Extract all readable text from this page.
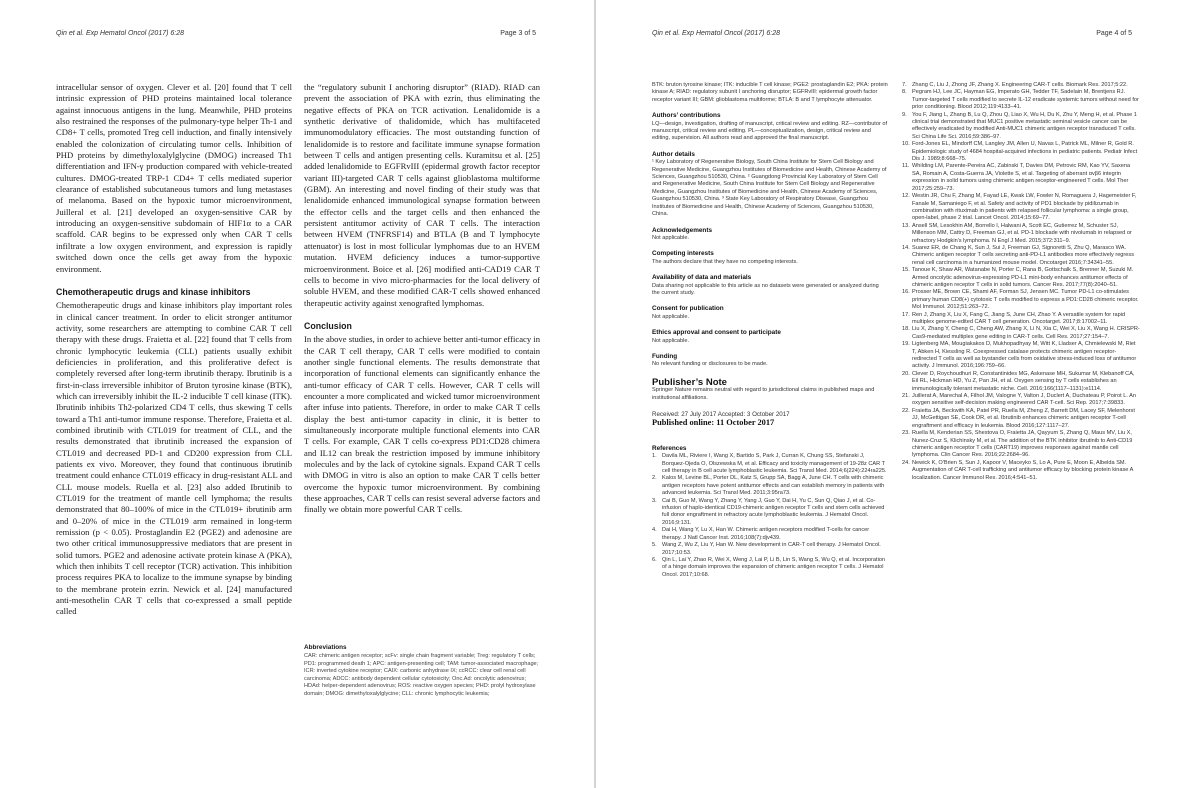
Qin et al. Exp Hematol Oncol (2017) 6:28	Page 3 of 5

intracellular sensor of oxygen. Clever et al. [20] found that T cell intrinsic expression of PHD proteins maintained local tolerance against innocuous antigens in the lung. Meanwhile, PHD proteins also restrained the responses of the pulmonary-type helper Th-1 and CD8+ T cells, promoted Treg cell induction, and finally intensively enabled the colonization of circulating tumor cells. Inhibition of PHD proteins by dimethyloxalylglycine (DMOG) increased Th1 differentiation and IFN-γ production compared with vehicle-treated cultures. DMOG-treated TRP-1 CD4+ T cells mediated superior clearance of established subcutaneous tumors and lung metastases of melanoma. Based on the hypoxic tumor microenvironment, Juilleral et al. [21] developed an oxygen-sensitive CAR by introducing an oxygen-sensitive subdomain of HIF1α to a CAR scaffold. CAR begins to be expressed only when CAR T cells infiltrate a low oxygen environment, and expression is rapidly switched down once the cells get away from the hypoxic environment.

Chemotherapeutic drugs and kinase inhibitors

Chemotherapeutic drugs and kinase inhibitors play important roles in clinical cancer treatment. In order to elicit stronger antitumor activity, some researchers are attempting to combine CAR T cell therapy with these drugs. Fraietta et al. [22] found that T cells from chronic lymphocytic leukemia (CLL) patients usually exhibit deficiencies in proliferation, and this proliferative defect is completely reversed after long-term ibrutinib therapy. Ibrutinib is a first-in-class irreversible inhibitor of Bruton tyrosine kinase (BTK), which can irreversibly inhibit the IL-2 inducible T cell kinase (ITK). Ibrutinib inhibits Th2-polarized CD4 T cells, thus skewing T cells toward a Th1 anti-tumor immune response. Therefore, Fraietta et al. combined ibrutinib with CTL019 for treatment of CLL, and the results demonstrated that ibrutinib increased the expansion of CTL019 and decreased PD-1 and CD200 expression from CLL patients ex vivo. Moreover, they found that continuous ibrutinib treatment could enhance CTL019 efficacy in drug-resistant ALL and CLL mouse models. Ruella et al. [23] also added Ibrutinib to CTL019 for the treatment of mantle cell lymphoma; the results demonstrated that 80–100% of mice in the CTL019+ ibrutinib arm and 0–20% of mice in the CTL019 arm remained in long-term remission (p < 0.05). Prostaglandin E2 (PGE2) and adenosine are two other critical immunosuppressive mediators that are present in solid tumors. PGE2 and adenosine activate protein kinase A (PKA), which then inhibits T cell receptor (TCR) activation. This inhibition process requires PKA to localize to the immune synapse by binding to the membrane protein ezrin. Newick et al. [24] manufactured anti-mesothelin CAR T cells that co-expressed a small peptide called

the “regulatory subunit I anchoring disruptor” (RIAD). RIAD can prevent the association of PKA with ezrin, thus eliminating the negative effects of PKA on TCR activation. Lenalidomide is a synthetic derivative of thalidomide, which has multifaceted immunomodulatory efficacies. The most outstanding function of lenalidomide is to restore and facilitate immune synapse formation between T cells and antigen presenting cells. Kuramitsu et al. [25] added lenalidomide to EGFRvIII (epidermal growth factor receptor variant III)-targeted CAR T cells against glioblastoma multiforme (GBM). An interesting and novel finding of their study was that lenalidomide enhanced immunological synapse formation between the effector cells and the target cells and then enhanced the persistent antitumor activity of CAR T cells. The interaction between HVEM (TNFRSF14) and BTLA (B and T lymphocyte attenuator) is lost in most follicular lymphomas due to an HVEM mutation. HVEM deficiency induces a tumor-supportive microenvironment. Boice et al. [26] modified anti-CAD19 CAR T cells to become in vivo micro-pharmacies for the local delivery of soluble HVEM, and these modified CAR-T cells showed enhanced therapeutic activity against xenografted lymphomas.

Conclusion

In the above studies, in order to achieve better anti-tumor efficacy in the CAR T cell therapy, CAR T cells were modified to contain another single functional elements. The results demonstrate that incorporation of functional elements can significantly enhance the anti-tumor efficacy of CAR T cells. However, CAR T cells will encounter a more complicated and wicked tumor microenvironment after infuse into patients. Therefore, in order to make CAR T cells display the best anti-tumor capacity in clinic, it is better to simultaneously incorporate multiple functional elements into CAR T cells. For example, CAR T cells co-express PD1:CD28 chimera and IL12 can break the restriction imposed by immune inhibitory molecules and by the lack of cytokine signals. Expand CAR T cells with DMOG in vitro is also an option to make CAR T cells better overcome the hypoxic tumor microenvironment. By combining these approaches, CAR T cells can resist several adverse factors and finally we obtain more powerful CAR T cells.

Abbreviations
CAR: chimeric antigen receptor; scFv: single chain fragment variable; Treg: regulatory T cells; PD1: programmed death 1; APC: antigen-presenting cell; TAM: tumor-associated macrophage; ICR: inverted cytokine receptor; CAIX: carbonic anhydrase IX; ccRCC: clear cell renal cell carcinoma; ADCC: antibody dependent cellular cytotoxicity; Onc.Ad: oncolytic adenovirus; HDAd: helper-dependent adenovirus; ROS: reactive oxygen species; PHD: prolyl hydroxylase domain; DMOG: dimethyloxalylglycine; CLL: chronic lymphocytic leukemia;
Qin et al. Exp Hematol Oncol (2017) 6:28	Page 4 of 5
BTK: bruton tyrosine kinase; ITK: inducible T cell kinase; PGE2: prostaglandin E2; PKA: protein kinase A; RIAD: regulatory subunit I anchoring disruptor; EGFRvIII: epidermal growth factor receptor variant III; GBM: glioblastoma multiforme; BTLA: B and T lymphocyte attenuator.
Authors’ contributions
LQ—design, investigation, drafting of manuscript, critical review and editing. RZ—contributor of manuscript, critical review and editing. PL—conceptualization, design, critical review and editing, supervision. All authors read and approved the final manuscript.
Author details
¹ Key Laboratory of Regenerative Biology, South China Institute for Stem Cell Biology and Regenerative Medicine, Guangzhou Institutes of Biomedicine and Health, Chinese Academy of Sciences, Guangzhou 510530, China. ² Guangdong Provincial Key Laboratory of Stem Cell and Regenerative Medicine, South China Institute for Stem Cell Biology and Regenerative Medicine, Guangzhou Institutes of Biomedicine and Health, Chinese Academy of Sciences, Guangzhou 510530, China. ³ State Key Laboratory of Respiratory Disease, Guangzhou Institutes of Biomedicine and Health, Chinese Academy of Sciences, Guangzhou 510530, China.
Acknowledgements
Not applicable.
Competing interests
The authors declare that they have no competing interests.
Availability of data and materials
Data sharing not applicable to this article as no datasets were generated or analyzed during the current study.
Consent for publication
Not applicable.
Ethics approval and consent to participate
Not applicable.
Funding
No relevant funding or disclosures to be made.
Publisher’s Note
Springer Nature remains neutral with regard to jurisdictional claims in published maps and institutional affiliations.
Received: 27 July 2017 Accepted: 3 October 2017
Published online: 11 October 2017
References
1. Davila ML, Riviere I, Wang X, Bartido S, Park J, Curran K, Chung SS, Stefanski J, Borquez-Ojeda O, Olszewska M, et al. Efficacy and toxicity management of 19-28z CAR T cell therapy in B cell acute lymphoblastic leukemia. Sci Transl Med. 2014;6(224):224ra225.
2. Kalos M, Levine BL, Porter DL, Katz S, Grupp SA, Bagg A, June CH. T cells with chimeric antigen receptors have potent antitumor effects and can establish memory in patients with advanced leukemia. Sci Transl Med. 2011;3:95ra73.
3. Cai B, Guo M, Wang Y, Zhang Y, Yang J, Guo Y, Dai H, Yu C, Sun Q, Qiao J, et al. Co-infusion of haplo-identical CD19-chimeric antigen receptor T cells and stem cells achieved full donor engraftment in refractory acute lymphoblastic leukemia. J Hematol Oncol. 2016;9:131.
4. Dai H, Wang Y, Lu X, Han W. Chimeric antigen receptors modified T-cells for cancer therapy. J Natl Cancer Inst. 2016;108(7):djv439.
5. Wang Z, Wu Z, Liu Y, Han W. New development in CAR-T cell therapy. J Hematol Oncol. 2017;10:53.
6. Qin L, Lai Y, Zhao R, Wei X, Weng J, Lai P, Li B, Lin S, Wang S, Wu Q, et al. Incorporation of a hinge domain improves the expansion of chimeric antigen receptor T cells. J Hematol Oncol. 2017;10:68.
7. Zhang C, Liu J, Zhong JF, Zhang X. Engineering CAR-T cells. Biomark Res. 2017;5:22.
8. Pegram HJ, Lee JC, Hayman EG, Imperato GH, Tedder TF, Sadelain M, Brentjens RJ. Tumor-targeted T cells modified to secrete IL-12 eradicate systemic tumors without need for prior conditioning. Blood 2012;119:4133–41.
9. You F, Jiang L, Zhang B, Lu Q, Zhou Q, Liao X, Wu H, Du K, Zhu Y, Meng H, et al. Phase 1 clinical trial demonstrated that MUC1 positive metastatic seminal vesicle cancer can be effectively eradicated by modified Anti-MUC1 chimeric antigen receptor transduced T cells. Sci China Life Sci. 2016;59:386–97.
10. Ford-Jones EL, Mindorff CM, Langley JM, Allen U, Navas L, Patrick ML, Milner R, Gold R. Epidemiologic study of 4684 hospital-acquired infections in pediatric patients. Pediatr Infect Dis J. 1989;8:668–75.
11. Whilding LM, Parente-Pereira AC, Zabinski T, Davies DM, Petrovic RM, Kao YV, Saxena SA, Romain A, Costa-Guerra JA, Violette S, et al. Targeting of aberrant αvβ6 integrin expression in solid tumors using chimeric antigen receptor-engineered T cells. Mol Ther 2017;25:259–73.
12. Westin JR, Chu F, Zhang M, Fayad LE, Kwak LW, Fowler N, Romaguera J, Hagemeister F, Fanale M, Samaniego F, et al. Safety and activity of PD1 blockade by pidilizumab in combination with rituximab in patients with relapsed follicular lymphoma: a single group, open-label, phase 2 trial. Lancet Oncol. 2014;15:69–77.
13. Ansell SM, Lesokhin AM, Borrello I, Halwani A, Scott EC, Gutierrez M, Schuster SJ, Millenson MM, Cattry D, Freeman GJ, et al. PD-1 blockade with nivolumab in relapsed or refractory Hodgkin's lymphoma. N Engl J Med. 2015;372:311–9.
14. Suarez ER, de Chang K, Sun J, Sui J, Freeman GJ, Signoretti S, Zhu Q, Marasco WA. Chimeric antigen receptor T cells secreting anti-PD-L1 antibodies more effectively regress renal cell carcinoma in a humanized mouse model. Oncotarget 2016;7:34341–55.
15. Tanoue K, Shaw AR, Watanabe N, Porter C, Rana B, Gottschalk S, Brenner M, Suzuki M. Armed oncolytic adenovirus-expressing PD-L1 mini-body enhances antitumor effects of chimeric antigen receptor T cells in solid tumors. Cancer Res. 2017;77(8):2040–51.
16. Prosser ME, Brown CE, Shami AF, Forman SJ, Jensen MC. Tumor PD-L1 co-stimulates primary human CD8(+) cytotoxic T cells modified to express a PD1:CD28 chimeric receptor. Mol Immunol. 2012;51:263–72.
17. Ren J, Zhang X, Liu X, Fang C, Jiang S, June CH, Zhao Y. A versatile system for rapid multiplex genome-edited CAR T cell generation. Oncotarget. 2017;8:17002–11.
18. Liu X, Zhang Y, Cheng C, Cheng AW, Zhang X, Li N, Xia C, Wei X, Liu X, Wang H. CRISPR-Cas9-mediated multiplex gene editing in CAR-T cells. Cell Res. 2017;27:154–7.
19. Ligtenberg MA, Mougiakakos D, Mukhopadhyay M, Witt K, Lladser A, Chmielewski M, Riet T, Abken H, Kiessling R. Coexpressed catalase protects chimeric antigen receptor-redirected T cells as well as bystander cells from oxidative stress-induced loss of antitumor activity. J Immunol. 2016;196:759–66.
20. Clever D, Roychoudhuri R, Constantinides MG, Askenase MH, Sukumar M, Klebanoff CA, Eil RL, Hickman HD, Yu Z, Pan JH, et al. Oxygen sensing by T cells establishes an immunologically tolerant metastatic niche. Cell. 2016;166(1117–1131):e1114.
21. Juillerat A, Marechal A, Filhol JM, Valogne Y, Valton J, Duclert A, Duchateau P, Poirot L. An oxygen sensitive self-decision making engineered CAR T-cell. Sci Rep. 2017;7:39833.
22. Fraietta JA, Beckwith KA, Patel PR, Ruella M, Zheng Z, Barrett DM, Lacey SF, Melenhorst JJ, McGettigan SE, Cook DR, et al. Ibrutinib enhances chimeric antigen receptor T-cell engraftment and efficacy in leukemia. Blood 2016;127:1117–27.
23. Ruella M, Kenderian SS, Shestova O, Fraietta JA, Qayyum S, Zhang Q, Maus MV, Liu X, Nunez-Cruz S, Klichinsky M, et al. The addition of the BTK inhibitor ibrutinib to Anti-CD19 chimeric antigen receptor T cells (CART19) improves responses against mantle cell lymphoma. Clin Cancer Res. 2016;22:2684–96.
24. Newick K, O'Brien S, Sun J, Kapoor V, Maceyko S, Lo A, Pure E, Moon E, Albelda SM. Augmentation of CAR T-cell trafficking and antitumor efficacy by blocking protein kinase A localization. Cancer Immunol Res. 2016;4:541–51.
